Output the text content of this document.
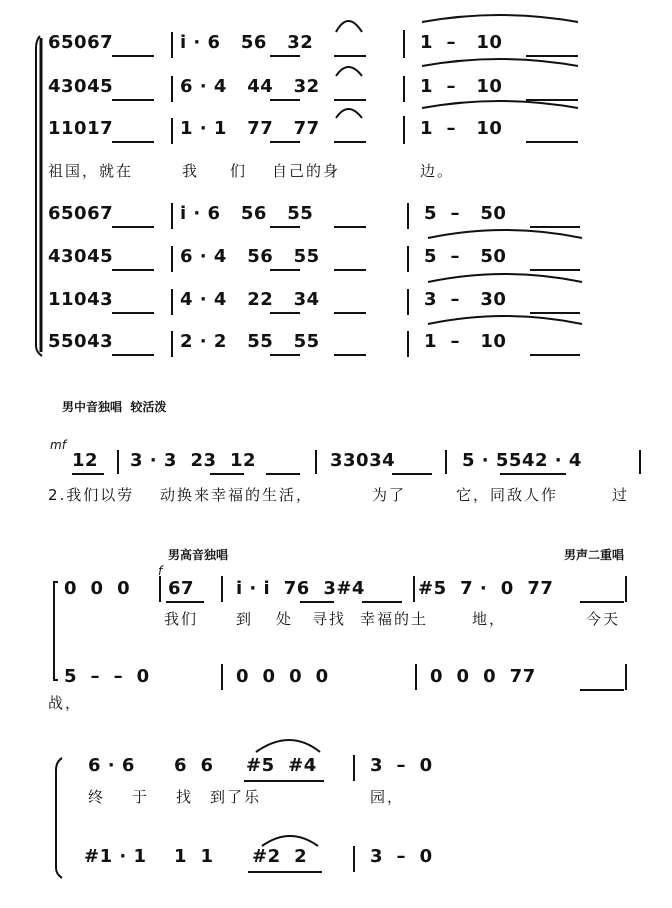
65067	i · 6   56   32	1  –   10
43045	6 · 4   44   32	1  –   10
11017	1 · 1   77   77	1  –   10
祖国，就在	我 们 自己的身	边。
65067	i · 6   56   55	5  –   50
43045	6 · 4   56   55	5  –   50
11043	4 · 4   22   34	3  –   30
55043	2 · 2   55   55	1  –   10
男中音独唱  较活泼
mf
12 3 · 3  23  12	33034	5 · 5542 · 4
2.我们以劳 动换来幸福的生活，	为了	它，同敌人作	过
男高音独唱	男声二重唱
f
0  0  0 67 i · i  76  3#4	#5  7 ·  0  77
我们	到 处 寻找 幸福的土	地，	今天
5  –  –  0	0  0  0  0	0  0  0  77
战，
6 · 6 6  6 #5  #4	3  –  0
终 于 找 到了乐	园，
#1 · 1 1  1 #2  2	3  –  0
